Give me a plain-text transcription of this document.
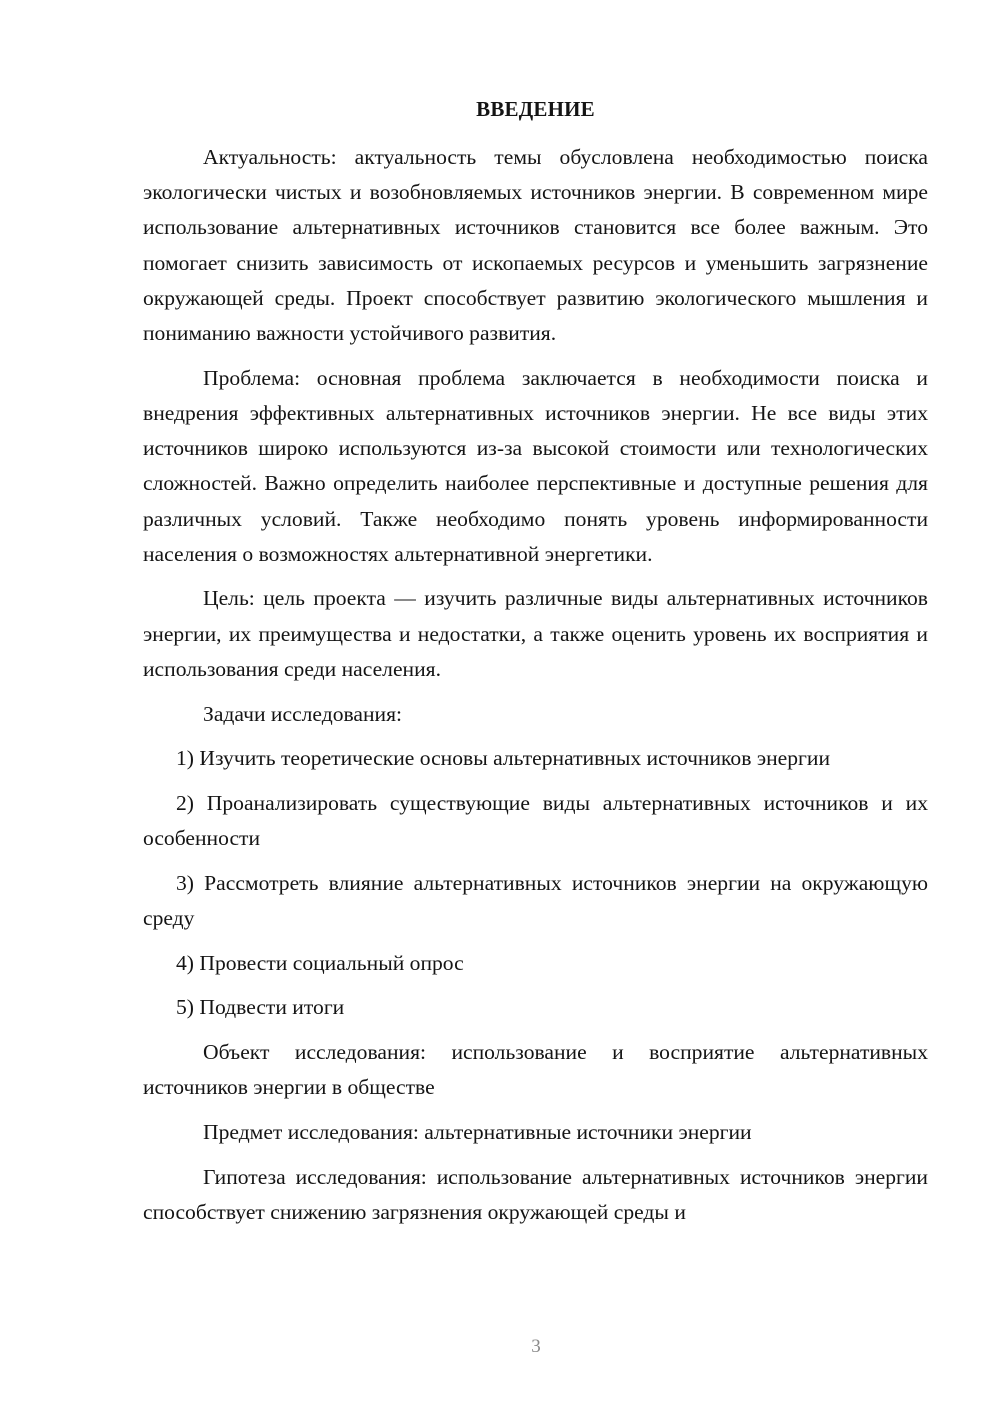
ВВЕДЕНИЕ

Актуальность: актуальность темы обусловлена необходимостью поиска экологически чистых и возобновляемых источников энергии. В современном мире использование альтернативных источников становится все более важным. Это помогает снизить зависимость от ископаемых ресурсов и уменьшить загрязнение окружающей среды. Проект способствует развитию экологического мышления и пониманию важности устойчивого развития.

Проблема: основная проблема заключается в необходимости поиска и внедрения эффективных альтернативных источников энергии. Не все виды этих источников широко используются из-за высокой стоимости или технологических сложностей. Важно определить наиболее перспективные и доступные решения для различных условий. Также необходимо понять уровень информированности населения о возможностях альтернативной энергетики.

Цель: цель проекта — изучить различные виды альтернативных источников энергии, их преимущества и недостатки, а также оценить уровень их восприятия и использования среди населения.

Задачи исследования:

1) Изучить теоретические основы альтернативных источников энергии

2) Проанализировать существующие виды альтернативных источников и их особенности

3) Рассмотреть влияние альтернативных источников энергии на окружающую среду

4) Провести социальный опрос

5) Подвести итоги

Объект исследования: использование и восприятие альтернативных источников энергии в обществе

Предмет исследования: альтернативные источники энергии

Гипотеза исследования: использование альтернативных источников энергии способствует снижению загрязнения окружающей среды и

3
